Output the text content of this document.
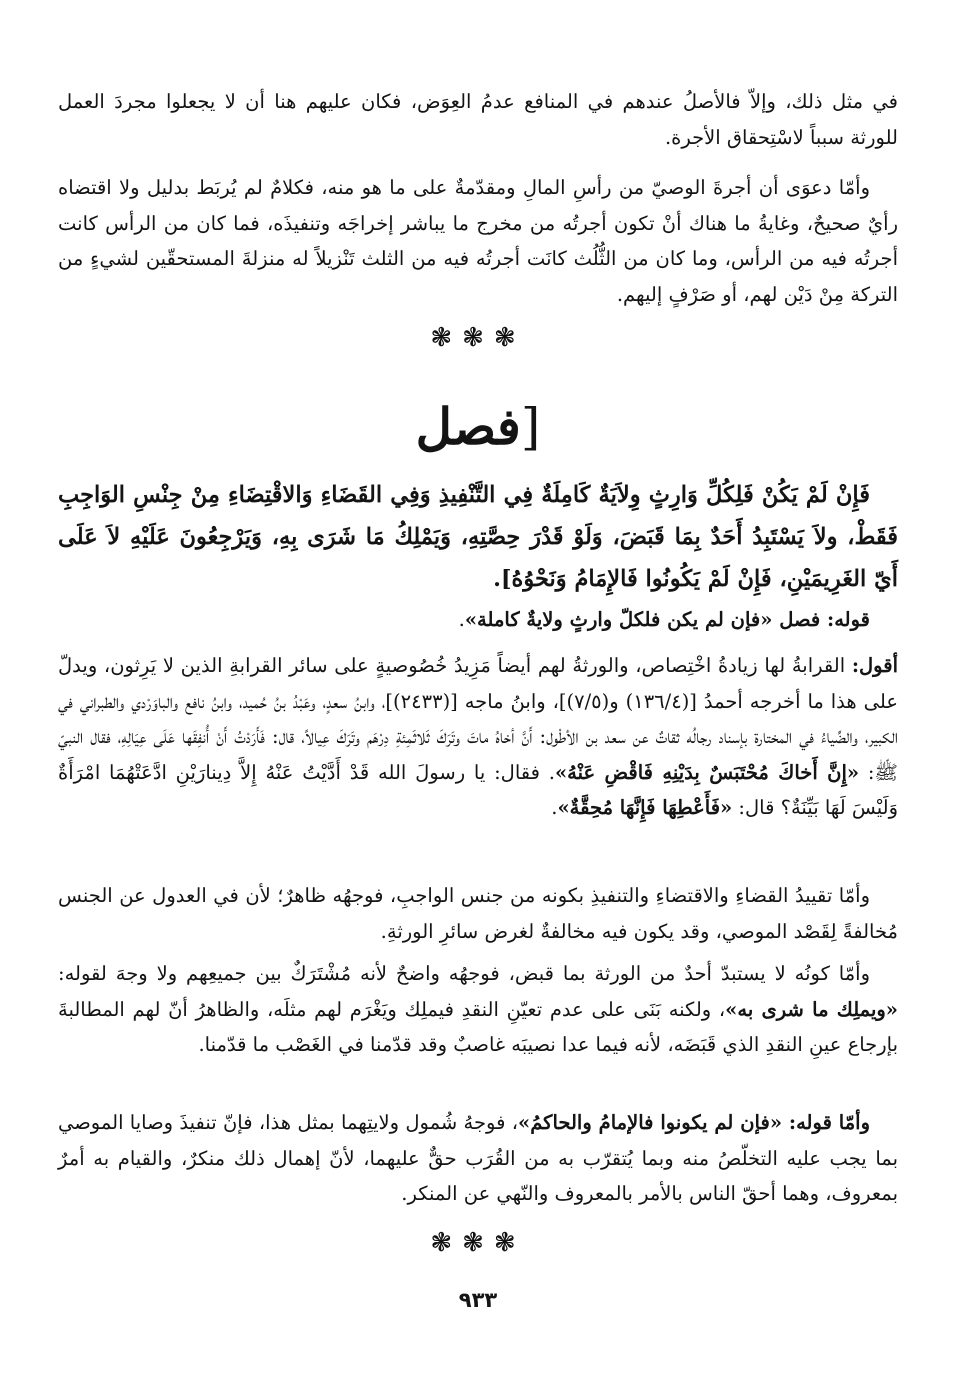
في مثل ذلك، وإلاّ فالأصلُ عندهم في المنافع عدمُ العِوَض، فكان عليهم هنا أن لا يجعلوا مجردَ العمل للورثة سبباً لاسْتِحقاق الأجرة.

وأمّا دعوَى أن أجرةَ الوصيّ من رأسِ المالِ ومقدّمةٌ على ما هو منه، فكلامٌ لم يُربَط بدليل ولا اقتضاه رأيٌ صحيحٌ، وغايةُ ما هناك أنْ تكون أجرتُه من مخرج ما يباشر إخراجَه وتنفيذَه، فما كان من الرأس كانت أجرتُه فيه من الرأس، وما كان من الثُّلُث كانَت أجرتُه فيه من الثلث تَنْزيلاً له منزلةَ المستحقّين لشيءٍ من التركة مِنْ دَيْن لهم، أو صَرْفٍ إليهم.

❃❃❃
[فصل

فَإِنْ لَمْ يَكُنْ فَلِكُلِّ وَارِثٍ وِلاَيَةٌ كَامِلَةٌ فِي التَّنْفِيذِ وَفِي القَضَاءِ وَالاقْتِضَاءِ مِنْ جِنْسِ الوَاجِبِ فَقَطْ، ولاَ يَسْتَبِدُ أَحَدٌ بِمَا قَبَضَ، وَلَوْ قَدْرَ حِصَّتِهِ، وَيَمْلِكُ مَا شَرَى بِهِ، وَيَرْجِعُونَ عَلَيْهِ لاَ عَلَى أَيّ الغَرِيمَيْنِ، فَإِنْ لَمْ يَكُونُوا فَالإِمَامُ وَنَحْوُهُ].

قوله: فصل «فإن لم يكن فلكلّ وارثٍ ولايةٌ كاملة».

أقول: القرابةُ لها زيادةُ اخْتِصاص، والورثةُ لهم أيضاً مَزِيدُ خُصُوصيةٍ على سائر القرابةِ الذين لا يَرِثون، ويدلّ على هذا ما أخرجه أحمدُ [(١٣٦/٤) و(٧/٥)]، وابنُ ماجه [(٢٤٣٣)]، وابنُ سعدٍ، وعَبْدُ بنُ حُميد، وابنُ نافع والباوَرْدي والطبراني في الكبير، والضِّياءُ في المختارة بإسناد رجالُه ثقاتٌ عن سعد بن الأطْول: أَنَّ أخاهُ ماتَ وتَرَكَ ثَلاثَمِئةِ دِرْهَم وتَرَكَ عِيالاً، قال: فَأَرَدْتُ أَنْ أُنفِقَها عَلَى عِيَالِهِ، فقال النبيّ ﷺ: «إِنَّ أَخاكَ مُحْتَبَسٌ بِدَيْنِهِ فَاقْضِ عَنْهُ». فقال: يا رسولَ الله قَدْ أَدَّيْتُ عَنْهُ إِلاَّ دِينارَيْنِ ادَّعَتْهُمَا امْرَأَةٌ وَلَيْسَ لَهَا بَيِّنَةٌ؟ قال: «فَأَعْطِهَا فَإِنَّهَا مُحِقَّةٌ».

وأمّا تقييدُ القضاءِ والاقتضاءِ والتنفيذِ بكونه من جنس الواجبِ، فوجهُه ظاهرٌ؛ لأن في العدول عن الجنس مُخالفةً لِقَصْد الموصي، وقد يكون فيه مخالفةٌ لغرض سائرِ الورثةِ.

وأمّا كونُه لا يستبدّ أحدٌ من الورثة بما قبض، فوجهُه واضحٌ لأنه مُشْتَرَكٌ بين جميعِهم ولا وجهَ لقوله: «ويملِك ما شرى به»، ولكنه بَنَى على عدم تعيّنِ النقدِ فيملِك ويَغْرَم لهم مثلَه، والظاهرُ أنّ لهم المطالبةَ بإرجاع عينِ النقدِ الذي قَبَضَه، لأنه فيما عدا نصيبَه غاصبٌ وقد قدّمنا في الغَصْب ما قدّمنا.

وأمّا قوله: «فإن لم يكونوا فالإمامُ والحاكمُ»، فوجهُ شُمول ولايتِهما بمثل هذا، فإنّ تنفيذَ وصايا الموصي بما يجب عليه التخلّصُ منه وبما يُتقرّب به من القُرَب حقٌّ عليهما، لأنّ إهمال ذلك منكرٌ، والقيام به أمرٌ بمعروف، وهما أحقّ الناس بالأمر بالمعروف والنّهي عن المنكر.

❃❃❃
٩٣٣
